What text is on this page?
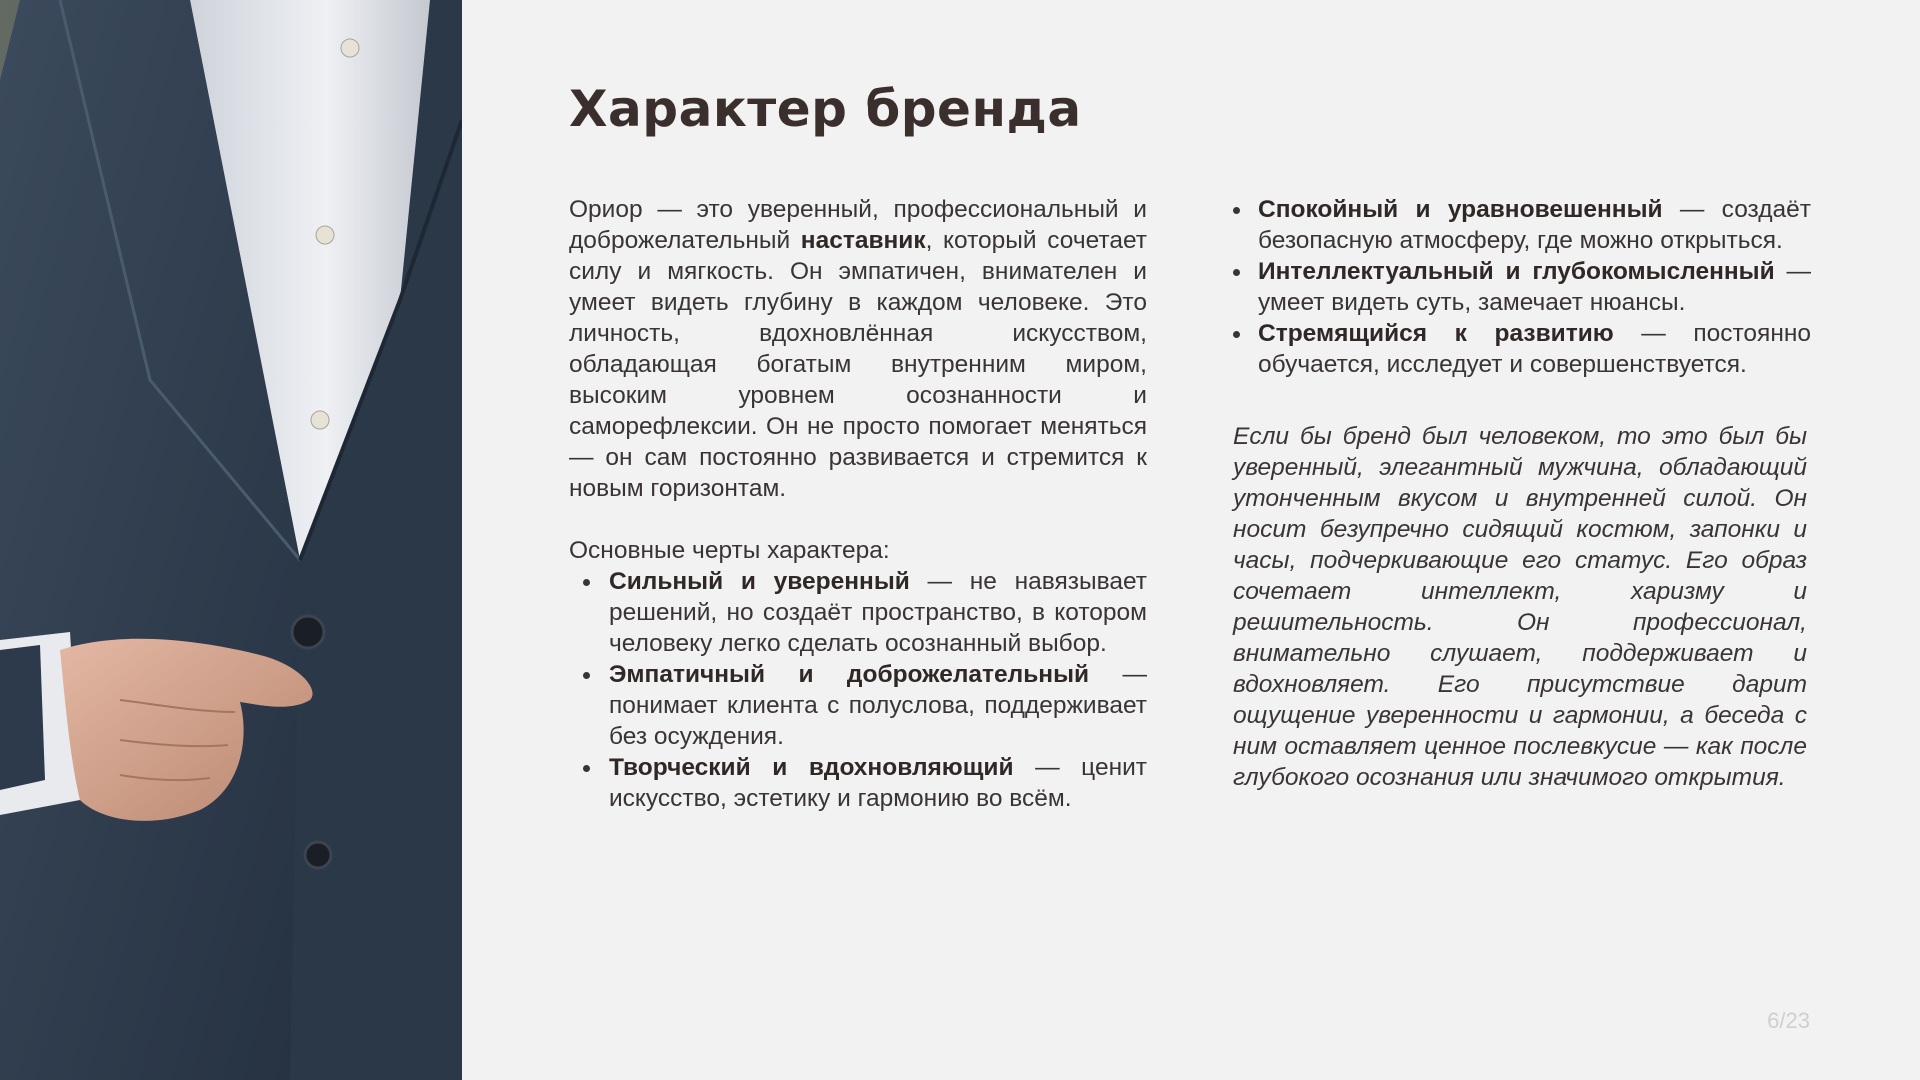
Характер бренда

Ориор — это уверенный, профессиональный и доброжелательный наставник, который сочетает силу и мягкость. Он эмпатичен, внимателен и умеет видеть глубину в каждом человеке. Это личность, вдохновлённая искусством, обладающая богатым внутренним миром, высоким уровнем осознанности и саморефлексии. Он не просто помогает меняться — он сам постоянно развивается и стремится к новым горизонтам.

Основные черты характера:

Сильный и уверенный — не навязывает решений, но создаёт пространство, в котором человеку легко сделать осознанный выбор.
Эмпатичный и доброжелательный — понимает клиента с полуслова, поддерживает без осуждения.
Творческий и вдохновляющий — ценит искусство, эстетику и гармонию во всём.
Спокойный и уравновешенный — создаёт безопасную атмосферу, где можно открыться.
Интеллектуальный и глубокомысленный — умеет видеть суть, замечает нюансы.
Стремящийся к развитию — постоянно обучается, исследует и совершенствуется.

Если бы бренд был человеком, то это был бы уверенный, элегантный мужчина, обладающий утонченным вкусом и внутренней силой. Он носит безупречно сидящий костюм, запонки и часы, подчеркивающие его статус. Его образ сочетает интеллект, харизму и решительность. Он профессионал, внимательно слушает, поддерживает и вдохновляет. Его присутствие дарит ощущение уверенности и гармонии, а беседа с ним оставляет ценное послевкусие — как после глубокого осознания или значимого открытия.

6/23
